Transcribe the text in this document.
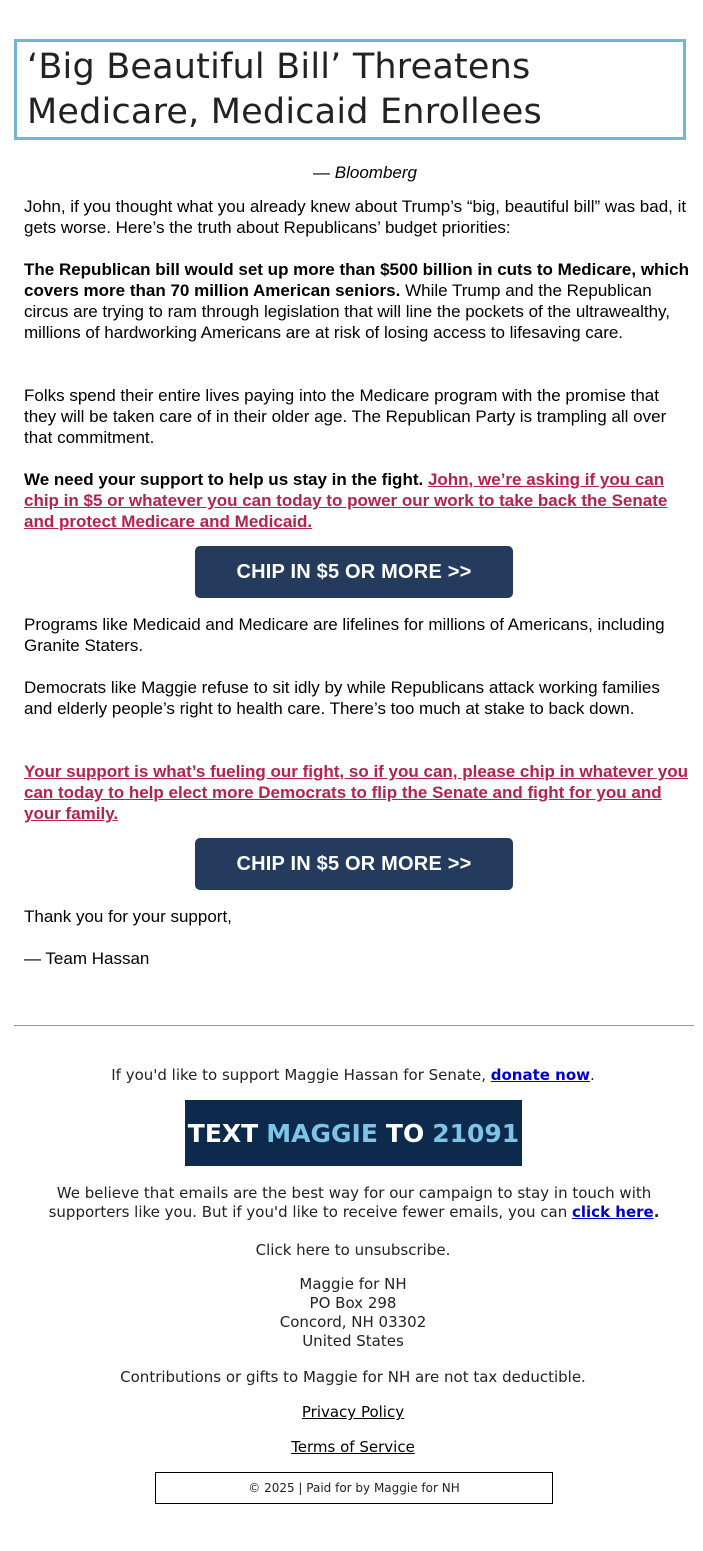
‘Big Beautiful Bill’ Threatens Medicare, Medicaid Enrollees
— Bloomberg

John, if you thought what you already knew about Trump’s “big, beautiful bill” was bad, it gets worse. Here’s the truth about Republicans’ budget priorities:

The Republican bill would set up more than $500 billion in cuts to Medicare, which covers more than 70 million American seniors. While Trump and the Republican circus are trying to ram through legislation that will line the pockets of the ultrawealthy, millions of hardworking Americans are at risk of losing access to lifesaving care.

Folks spend their entire lives paying into the Medicare program with the promise that they will be taken care of in their older age. The Republican Party is trampling all over that commitment.

We need your support to help us stay in the fight. John, we’re asking if you can chip in $5 or whatever you can today to power our work to take back the Senate and protect Medicare and Medicaid.

CHIP IN $5 OR MORE >>

Programs like Medicaid and Medicare are lifelines for millions of Americans, including Granite Staters.

Democrats like Maggie refuse to sit idly by while Republicans attack working families and elderly people’s right to health care. There’s too much at stake to back down.

Your support is what’s fueling our fight, so if you can, please chip in whatever you can today to help elect more Democrats to flip the Senate and fight for you and your family.

CHIP IN $5 OR MORE >>

Thank you for your support,

— Team Hassan

If you'd like to support Maggie Hassan for Senate, donate now.

TEXT MAGGIE TO 21091

We believe that emails are the best way for our campaign to stay in touch with supporters like you. But if you'd like to receive fewer emails, you can click here.

Click here to unsubscribe.

Maggie for NH
PO Box 298
Concord, NH 03302
United States

Contributions or gifts to Maggie for NH are not tax deductible.

Privacy Policy

Terms of Service

© 2025 | Paid for by Maggie for NH
